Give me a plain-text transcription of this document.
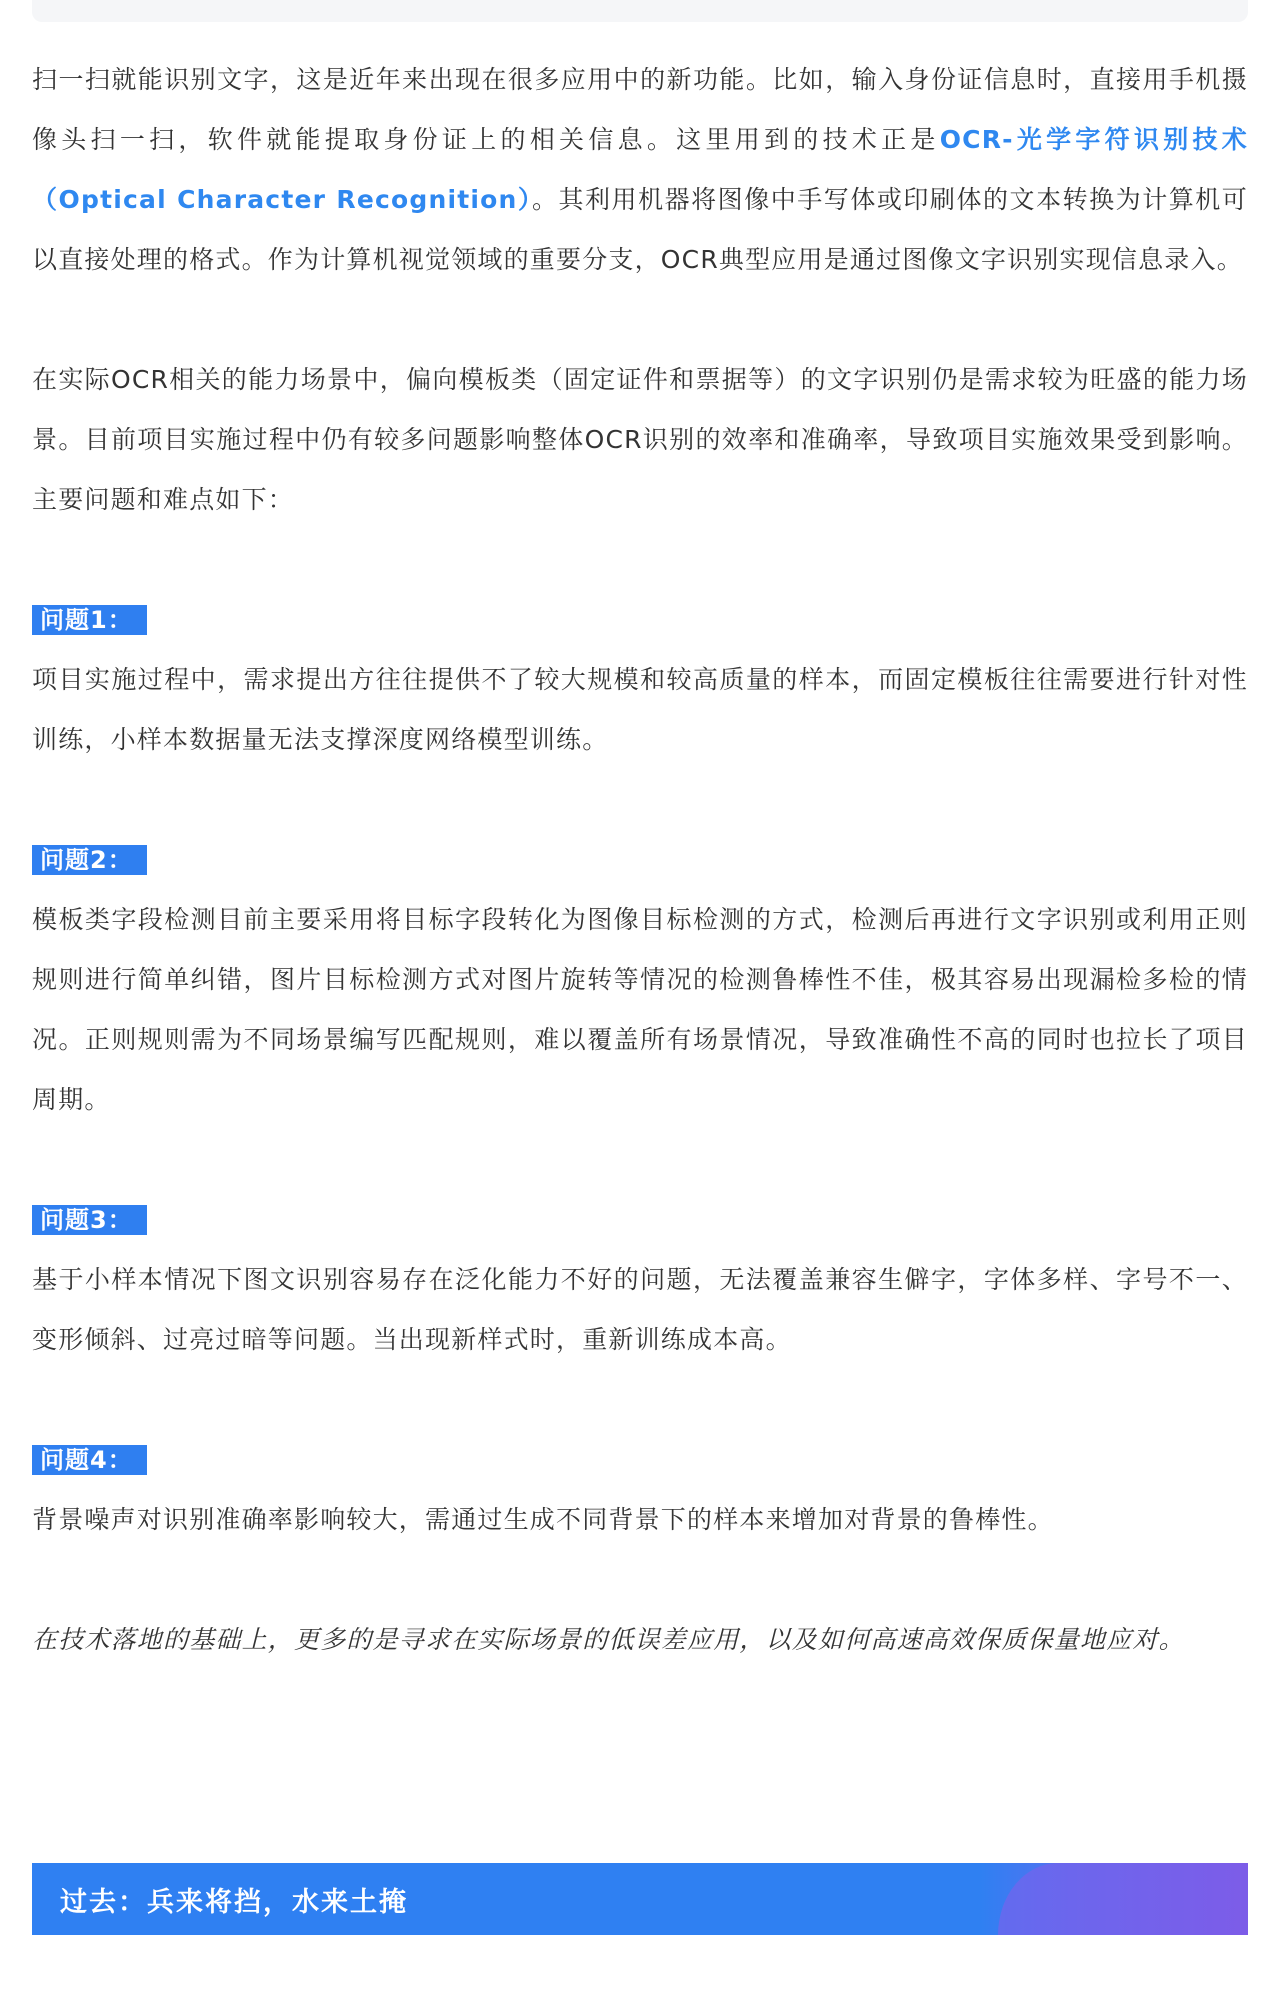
扫一扫就能识别文字，这是近年来出现在很多应用中的新功能。比如，输入身份证信息时，直接用手机摄像头扫一扫，软件就能提取身份证上的相关信息。这里用到的技术正是OCR-光学字符识别技术（Optical Character Recognition）。其利用机器将图像中手写体或印刷体的文本转换为计算机可以直接处理的格式。作为计算机视觉领域的重要分支，OCR典型应用是通过图像文字识别实现信息录入。

在实际OCR相关的能力场景中，偏向模板类（固定证件和票据等）的文字识别仍是需求较为旺盛的能力场景。目前项目实施过程中仍有较多问题影响整体OCR识别的效率和准确率，导致项目实施效果受到影响。主要问题和难点如下：

问题1：

项目实施过程中，需求提出方往往提供不了较大规模和较高质量的样本，而固定模板往往需要进行针对性训练，小样本数据量无法支撑深度网络模型训练。

问题2：

模板类字段检测目前主要采用将目标字段转化为图像目标检测的方式，检测后再进行文字识别或利用正则规则进行简单纠错，图片目标检测方式对图片旋转等情况的检测鲁棒性不佳，极其容易出现漏检多检的情况。正则规则需为不同场景编写匹配规则，难以覆盖所有场景情况，导致准确性不高的同时也拉长了项目周期。

问题3：

基于小样本情况下图文识别容易存在泛化能力不好的问题，无法覆盖兼容生僻字，字体多样、字号不一、变形倾斜、过亮过暗等问题。当出现新样式时，重新训练成本高。

问题4：

背景噪声对识别准确率影响较大，需通过生成不同背景下的样本来增加对背景的鲁棒性。

在技术落地的基础上，更多的是寻求在实际场景的低误差应用，以及如何高速高效保质保量地应对。

过去：兵来将挡，水来土掩
